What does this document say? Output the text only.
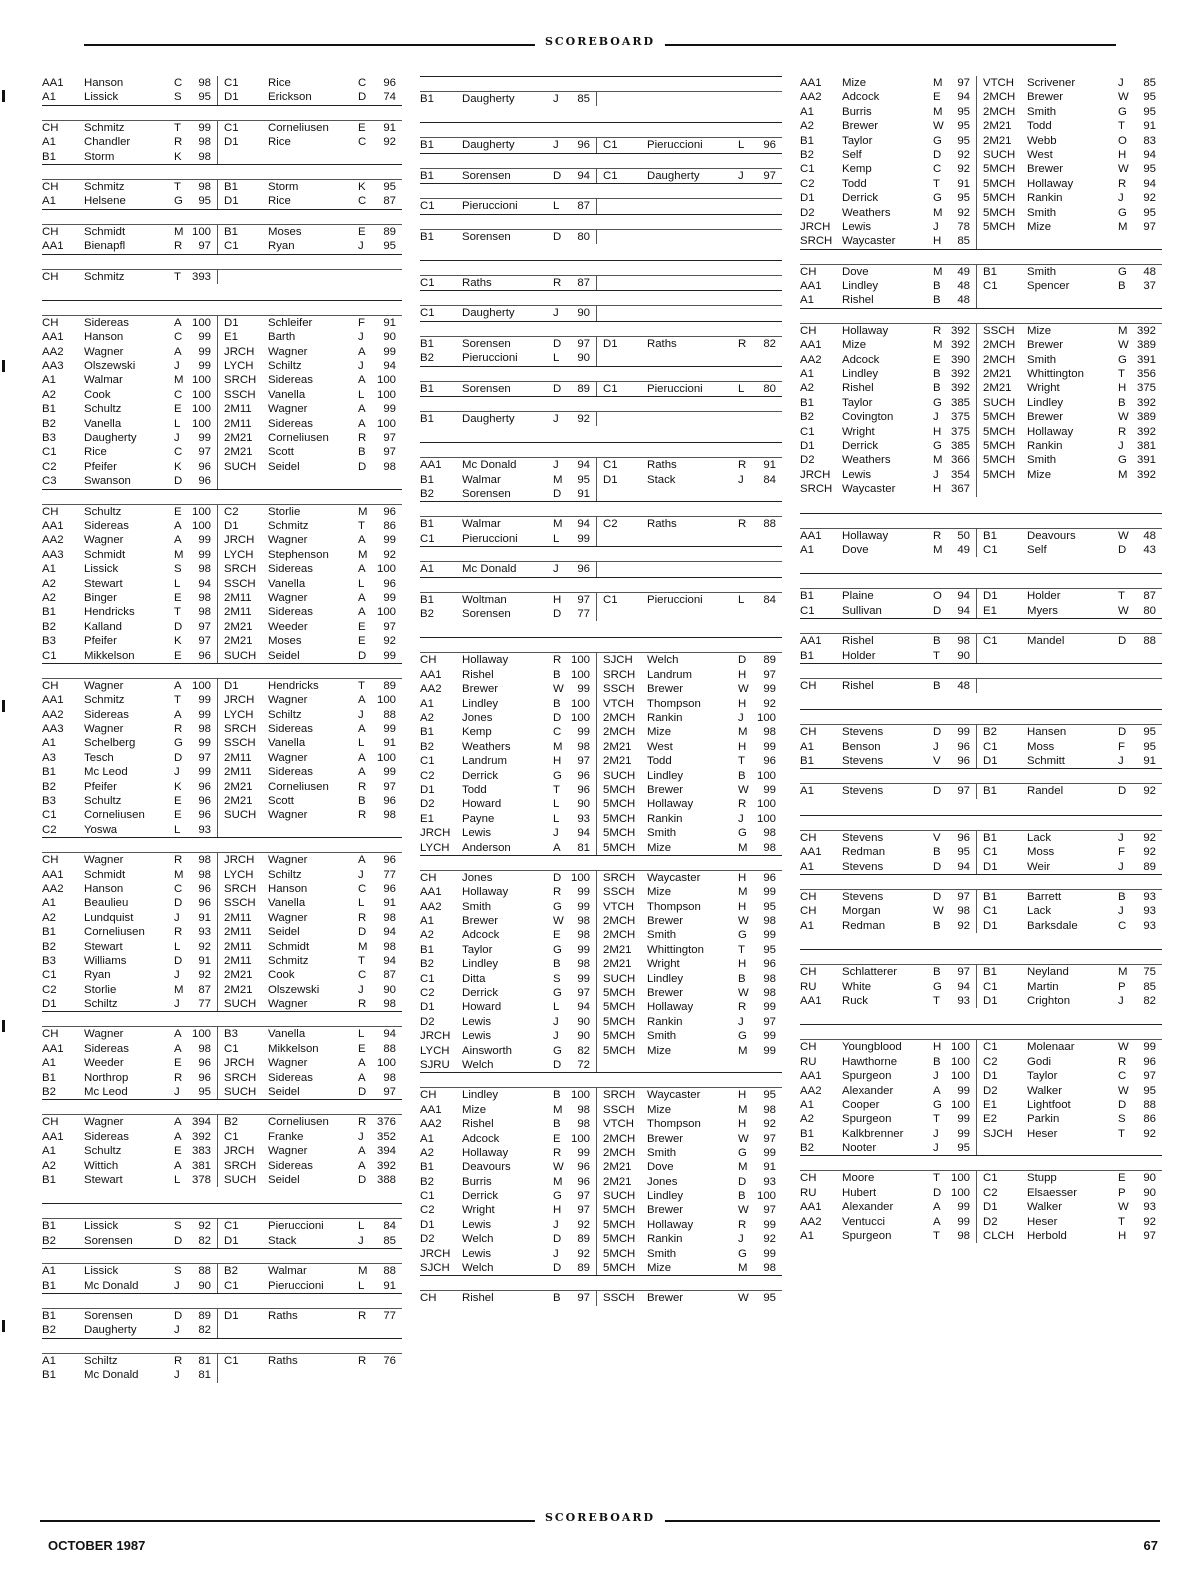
SCOREBOARD
AA1	Hanson	C	98	C1	Rice	C	96
A1	Lissick	S	95	D1	Erickson	D	74
CH	Schmitz	T	99	C1	Corneliusen	E	91
A1	Chandler	R	98	D1	Rice	C	92
B1	Storm	K	98
CH	Schmitz	T	98	B1	Storm	K	95
A1	Helsene	G	95	D1	Rice	C	87
CH	Schmidt	M 100	B1	Moses	E	89
AA1	Bienapfl	R	97	C1	Ryan	J	95
CH	Schmitz	T 393
CH	Sidereas	A 100	D1	Schleifer	F	91
AA1	Hanson	C	99	E1	Barth	J	90
AA2	Wagner	A	99	JRCH	Wagner	A	99
AA3	Olszewski	J	99	LYCH	Schiltz	J	94
A1	Walmar	M 100	SRCH	Sidereas	A 100
A2	Cook	C 100	SSCH	Vanella	L	100
B1	Schultz	E 100	2M11	Wagner	A	99
B2	Vanella	L	100	2M11	Sidereas	A 100
B3	Daugherty	J	99	2M21	Corneliusen	R	97
C1	Rice	C	97	2M21	Scott	B	97
C2	Pfeifer	K	96	SUCH	Seidel	D	98
C3	Swanson	D	96
CH	Schultz	E 100	C2	Storlie	M	96
AA1	Sidereas	A 100	D1	Schmitz	T	86
AA2	Wagner	A	99	JRCH	Wagner	A	99
AA3	Schmidt	M	99	LYCH	Stephenson	M	92
A1	Lissick	S	98	SRCH	Sidereas	A 100
A2	Stewart	L	94	SSCH	Vanella	L	96
A2	Binger	E	98	2M11	Wagner	A	99
B1	Hendricks	T	98	2M11	Sidereas	A 100
B2	Kalland	D	97	2M21	Weeder	E	97
B3	Pfeifer	K	97	2M21	Moses	E	92
C1	Mikkelson	E	96	SUCH	Seidel	D	99
CH	Wagner	A 100	D1	Hendricks	T	89
AA1	Schmitz	T	99	JRCH	Wagner	A 100
AA2	Sidereas	A	99	LYCH	Schiltz	J	88
AA3	Wagner	R	98	SRCH	Sidereas	A	99
A1	Schelberg	G	99	SSCH	Vanella	L	91
A3	Tesch	D	97	2M11	Wagner	A 100
B1	Mc Leod	J	99	2M11	Sidereas	A	99
B2	Pfeifer	K	96	2M21	Corneliusen	R	97
B3	Schultz	E	96	2M21	Scott	B	96
C1	Corneliusen	E	96	SUCH	Wagner	R	98
C2	Yoswa	L	93
CH	Wagner	R	98	JRCH	Wagner	A	96
AA1	Schmidt	M	98	LYCH	Schiltz	J	77
AA2	Hanson	C	96	SRCH	Hanson	C	96
A1	Beaulieu	D	96	SSCH	Vanella	L	91
A2	Lundquist	J	91	2M11	Wagner	R	98
B1	Corneliusen	R	93	2M11	Seidel	D	94
B2	Stewart	L	92	2M11	Schmidt	M	98
B3	Williams	D	91	2M11	Schmitz	T	94
C1	Ryan	J	92	2M21	Cook	C	87
C2	Storlie	M	87	2M21	Olszewski	J	90
D1	Schiltz	J	77	SUCH	Wagner	R	98
CH	Wagner	A 100	B3	Vanella	L	94
AA1	Sidereas	A	98	C1	Mikkelson	E	88
A1	Weeder	E	96	JRCH	Wagner	A 100
B1	Northrop	R	96	SRCH	Sidereas	A	98
B2	Mc Leod	J	95	SUCH	Seidel	D	97
CH	Wagner	A 394	B2	Corneliusen	R 376
AA1	Sidereas	A 392	C1	Franke	J	352
A1	Schultz	E 383	JRCH	Wagner	A 394
A2	Wittich	A 381	SRCH	Sidereas	A 392
B1	Stewart	L	378	SUCH	Seidel	D 388
B1	Lissick	S	92	C1	Pieruccioni	L	84
B2	Sorensen	D	82	D1	Stack	J	85
A1	Lissick	S	88	B2	Walmar	M	88
B1	Mc Donald	J	90	C1	Pieruccioni	L	91
B1	Sorensen	D	89	D1	Raths	R	77
B2	Daugherty	J	82
A1	Schiltz	R	81	C1	Raths	R	76
B1	Mc Donald	J	81
B1	Daugherty	J	85
B1	Daugherty	J	96	C1	Pieruccioni	L	96
B1	Sorensen	D	94	C1	Daugherty	J	97
C1	Pieruccioni	L	87
B1	Sorensen	D	80
C1	Raths	R	87
C1	Daugherty	J	90
B1	Sorensen	D	97	D1	Raths	R	82
B2	Pieruccioni	L	90
B1	Sorensen	D	89	C1	Pieruccioni	L	80
B1	Daugherty	J	92
AA1	Mc Donald	J	94	C1	Raths	R	91
B1	Walmar	M	95	D1	Stack	J	84
B2	Sorensen	D	91
B1	Walmar	M	94	C2	Raths	R	88
C1	Pieruccioni	L	99
A1	Mc Donald	J	96
B1	Woltman	H	97	C1	Pieruccioni	L	84
B2	Sorensen	D	77
CH	Hollaway	R 100	SJCH	Welch	D	89
AA1	Rishel	B 100	SRCH	Landrum	H	97
AA2	Brewer	W	99	SSCH	Brewer	W	99
A1	Lindley	B 100	VTCH	Thompson	H	92
A2	Jones	D 100	2MCH	Rankin	J	100
B1	Kemp	C	99	2MCH	Mize	M	98
B2	Weathers	M	98	2M21	West	H	99
C1	Landrum	H	97	2M21	Todd	T	96
C2	Derrick	G	96	SUCH	Lindley	B 100
D1	Todd	T	96	5MCH	Brewer	W	99
D2	Howard	L	90	5MCH	Hollaway	R 100
E1	Payne	L	93	5MCH	Rankin	J	100
JRCH	Lewis	J	94	5MCH	Smith	G	98
LYCH	Anderson	A	81	5MCH	Mize	M	98
CH	Jones	D 100	SRCH	Waycaster	H	96
AA1	Hollaway	R	99	SSCH	Mize	M	99
AA2	Smith	G	99	VTCH	Thompson	H	95
A1	Brewer	W	98	2MCH	Brewer	W	98
A2	Adcock	E	98	2MCH	Smith	G	99
B1	Taylor	G	99	2M21	Whittington	T	95
B2	Lindley	B	98	2M21	Wright	H	96
C1	Ditta	S	99	SUCH	Lindley	B	98
C2	Derrick	G	97	5MCH	Brewer	W	98
D1	Howard	L	94	5MCH	Hollaway	R	99
D2	Lewis	J	90	5MCH	Rankin	J	97
JRCH	Lewis	J	90	5MCH	Smith	G	99
LYCH	Ainsworth	G	82	5MCH	Mize	M	99
SJRU	Welch	D	72
CH	Lindley	B 100	SRCH	Waycaster	H	95
AA1	Mize	M	98	SSCH	Mize	M	98
AA2	Rishel	B	98	VTCH	Thompson	H	92
A1	Adcock	E 100	2MCH	Brewer	W	97
A2	Hollaway	R	99	2MCH	Smith	G	99
B1	Deavours	W	96	2M21	Dove	M	91
B2	Burris	M	96	2M21	Jones	D	93
C1	Derrick	G	97	SUCH	Lindley	B 100
C2	Wright	H	97	5MCH	Brewer	W	97
D1	Lewis	J	92	5MCH	Hollaway	R	99
D2	Welch	D	89	5MCH	Rankin	J	92
JRCH	Lewis	J	92	5MCH	Smith	G	99
SJCH	Welch	D	89	5MCH	Mize	M	98
CH	Rishel	B	97	SSCH	Brewer	W	95
AA1	Mize	M	97	VTCH	Scrivener	J	85
AA2	Adcock	E	94	2MCH	Brewer	W	95
A1	Burris	M	95	2MCH	Smith	G	95
A2	Brewer	W	95	2M21	Todd	T	91
B1	Taylor	G	95	2M21	Webb	O	83
B2	Self	D	92	SUCH	West	H	94
C1	Kemp	C	92	5MCH	Brewer	W	95
C2	Todd	T	91	5MCH	Hollaway	R	94
D1	Derrick	G	95	5MCH	Rankin	J	92
D2	Weathers	M	92	5MCH	Smith	G	95
JRCH	Lewis	J	78	5MCH	Mize	M	97
SRCH Waycaster	H	85
CH	Dove	M	49	B1	Smith	G	48
AA1	Lindley	B	48	C1	Spencer	B	37
A1	Rishel	B	48
CH	Hollaway	R 392	SSCH	Mize	M 392
AA1	Mize	M 392	2MCH	Brewer	W 389
AA2	Adcock	E 390	2MCH	Smith	G 391
A1	Lindley	B 392	2M21	Whittington	T	356
A2	Rishel	B 392	2M21	Wright	H 375
B1	Taylor	G 385	SUCH	Lindley	B 392
B2	Covington	J	375	5MCH	Brewer	W 389
C1	Wright	H 375	5MCH	Hollaway	R 392
D1	Derrick	G 385	5MCH	Rankin	J	381
D2	Weathers	M 366	5MCH	Smith	G 391
JRCH	Lewis	J	354	5MCH	Mize	M 392
SRCH Waycaster	H 367
AA1	Hollaway	R	50	B1	Deavours	W	48
A1	Dove	M	49	C1	Self	D	43
B1	Plaine	O	94	D1	Holder	T	87
C1	Sullivan	D	94	E1	Myers	W	80
AA1	Rishel	B	98	C1	Mandel	D	88
B1	Holder	T	90
CH	Rishel	B	48
CH	Stevens	D	99	B2	Hansen	D	95
A1	Benson	J	96	C1	Moss	F	95
B1	Stevens	V	96	D1	Schmitt	J	91
A1	Stevens	D	97	B1	Randel	D	92
CH	Stevens	V	96	B1	Lack	J	92
AA1	Redman	B	95	C1	Moss	F	92
A1	Stevens	D	94	D1	Weir	J	89
CH	Stevens	D	97	B1	Barrett	B	93
CH	Morgan	W	98	C1	Lack	J	93
A1	Redman	B	92	D1	Barksdale	C	93
CH	Schlatterer	B	97	B1	Neyland	M	75
RU	White	G	94	C1	Martin	P	85
AA1	Ruck	T	93	D1	Crighton	J	82
CH	Youngblood	H 100	C1	Molenaar	W	99
RU	Hawthorne	B 100	C2	Godi	R	96
AA1	Spurgeon	J	100	D1	Taylor	C	97
AA2	Alexander	A	99	D2	Walker	W	95
A1	Cooper	G 100	E1	Lightfoot	D	88
A2	Spurgeon	T	99	E2	Parkin	S	86
B1	Kalkbrenner	J	99	SJCH	Heser	T	92
B2	Nooter	J	95
CH	Moore	T 100	C1	Stupp	E	90
RU	Hubert	D 100	C2	Elsaesser	P	90
AA1	Alexander	A	99	D1	Walker	W	93
AA2	Ventucci	A	99	D2	Heser	T	92
A1	Spurgeon	T	98	CLCH	Herbold	H	97
SCOREBOARD
OCTOBER 1987	67
